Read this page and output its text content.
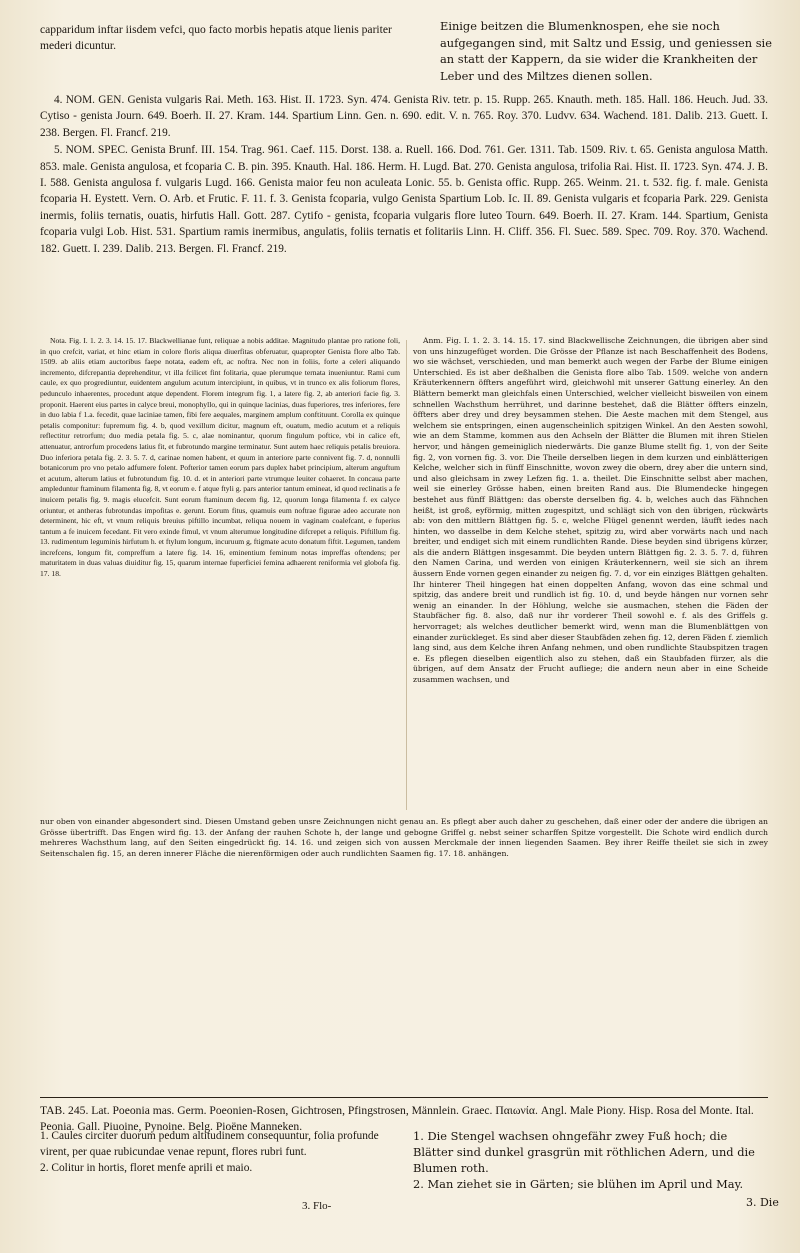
capparidum inftar iisdem vefci, quo facto morbis hepatis atque lienis pariter mederi dicuntur.

Einige beitzen die Blumenknospen, ehe sie noch aufgegangen sind, mit Saltz und Essig, und geniessen sie an statt der Kappern, da sie wider die Krankheiten der Leber und des Miltzes dienen sollen.

4. NOM. GEN. Genista vulgaris Rai. Meth. 163. Hist. II. 1723. Syn. 474. Genista Riv. tetr. p. 15. Rupp. 265. Knauth. meth. 185. Hall. 186. Heuch. Jud. 33. Cytiso - genista Journ. 649. Boerh. II. 27. Kram. 144. Spartium Linn. Gen. n. 690. edit. V. n. 765. Roy. 370. Ludvv. 634. Wachend. 181. Dalib. 213. Guett. I. 238. Bergen. Fl. Francf. 219.

5. NOM. SPEC. Genista Brunf. III. 154. Trag. 961. Caef. 115. Dorst. 138. a. Ruell. 166. Dod. 761. Ger. 1311. Tab. 1509. Riv. t. 65. Genista angulosa Matth. 853. male. Genista angulosa, et fcoparia C. B. pin. 395. Knauth. Hal. 186. Herm. H. Lugd. Bat. 270. Genista angulosa, trifolia Rai. Hist. II. 1723. Syn. 474. J. B. I. 588. Genista angulosa f. vulgaris Lugd. 166. Genista maior feu non aculeata Lonic. 55. b. Genista offic. Rupp. 265. Weinm. 21. t. 532. fig. f. male. Genista fcoparia H. Eystett. Vern. O. Arb. et Frutic. F. 11. f. 3. Genista fcoparia, vulgo Genista Spartium Lob. Ic. II. 89. Genista vulgaris et fcoparia Park. 229. Genista inermis, foliis ternatis, ouatis, hirfutis Hall. Gott. 287. Cytifo - genista, fcoparia vulgaris flore luteo Tourn. 649. Boerh. II. 27. Kram. 144. Spartium, Genista fcoparia vulgi Lob. Hist. 531. Spartium ramis inermibus, angulatis, foliis ternatis et folitariis Linn. H. Cliff. 356. Fl. Suec. 589. Spec. 709. Roy. 370. Wachend. 182. Guett. I. 239. Dalib. 213. Bergen. Fl. Francf. 219.

Nota. Fig. I. 1. 2. 3. 14. 15. 17. Blackwellianae funt, reliquae a nobis additae. Magnitudo plantae pro ratione foli, in quo crefcit, variat, et hinc etiam in colore floris aliqua diuerfitas obferuatur, quapropter Genista flore albo Tab. 1509. ab aliis etiam auctoribus faepe notata, eadem eft, ac noftra. Nec non in foliis, forte a celeri aliquando incremento, difcrepantia deprehenditur, vt illa fcilicet fint folitaria, quae plerumque ternata inueniuntur. Rami cum caule, ex quo progrediuntur, euidentem angulum acutum intercipiunt, in quibus, vt in trunco ex alis foliorum flores, pedunculo inhaerentes, procedunt atque dependent. Florem integrum fig. 1, a latere fig. 2, ab anteriori facie fig. 3. proponit. Haerent eius partes in calyce breui, monophyllo, qui in quinque lacinias, duas fuperiores, tres inferiores, fere in duo labia f 1.a. fecedit, quae laciniae tamen, fibi fere aequales, marginem amplum conftituunt. Corolla ex quinque petalis componitur: fupremum fig. 4. b, quod vexillum dicitur, magnum eft, ouatum, medio acutum et a reliquis reflectitur retrorfum; duo media petala fig. 5. c, alae nominantur, quorum fingulum poftice, vbi in calice eft, attenuatur, antrorfum procedens latius fit, et fubrotundo margine terminatur. Sunt autem haec reliquis petalis breuiora. Duo inferiora petala fig. 2. 3. 5. 7. d, carinae nomen habent, et quum in anteriore parte connivent fig. 7. d, nonnulli botanicorum pro vno petalo adfumere folent. Pofterior tamen eorum pars duplex habet principium, alterum anguftum et acutum, alterum latius et fubrotundum fig. 10. d. et in anteriori parte vtrumque leuiter cohaeret. In concaua parte ampleduntur ftaminum filamenta fig. 8, vt eorum e. f atque ftyli g. pars anterior tantum emineat, id quod reclinatis a fe inuicem petalis fig. 9. magis elucefcit. Sunt eorum ftaminum decem fig. 12, quorum longa filamenta f. ex calyce oriuntur, et antheras fubrotundas impofitas e. gerunt. Eorum fitus, quamuis eum noftrae figurae adeo accurate non determinent, hic eft, vt vnum reliquis breuius piftillo incumbat, reliqua nouem in vaginam coalefcant, e fuperius tantum a fe inuicem fecedant. Fit vero exinde fimul, vt vnum alterumue longitudine difcrepet a reliquis. Piftillum fig. 13. rudimentum leguminis hirfutum h. et ftylum longum, incuruum g, ftigmate acuto donatum fiftit. Legumen, tandem increfcens, longum fit, compreffum a latere fig. 14. 16, eminentium feminum notas impreffas oftendens; per maturitatem in duas valuas diuiditur fig. 15, quarum internae fuperficiei femina adhaerent reniformia vel globofa fig. 17. 18.

Anm. Fig. I. 1. 2. 3. 14. 15. 17. sind Blackwellische Zeichnungen, die übrigen aber sind von uns hinzugefüget worden. Die Grösse der Pflanze ist nach Beschaffenheit des Bodens, wo sie wächset, verschieden, und man bemerkt auch wegen der Farbe der Blume einigen Unterschied. Es ist aber deßhalben die Genista flore albo Tab. 1509. welche von andern Kräuterkennern öffters angeführt wird, gleichwohl mit unserer Gattung einerley. An den Blättern bemerkt man gleichfals einen Unterschied, welcher vielleicht bisweilen von einem schnellen Wachsthum herrühret, und darinne bestehet, daß die Blätter öffters einzeln, öffters aber drey und drey beysammen stehen. Die Aeste machen mit dem Stengel, aus welchem sie entspringen, einen augenscheinlich spitzigen Winkel. An den Aesten sowohl, wie an dem Stamme, kommen aus den Achseln der Blätter die Blumen mit ihren Stielen hervor, und hängen gemeiniglich niederwärts. Die ganze Blume stellt fig. 1, von der Seite fig. 2, von vornen fig. 3. vor. Die Theile derselben liegen in dem kurzen und einblätterigen Kelche, welcher sich in fünff Einschnitte, wovon zwey die obern, drey aber die untern sind, und also gleichsam in zwey Lefzen fig. 1. a. theilet. Die Einschnitte selbst aber machen, weil sie einerley Grösse haben, einen breiten Rand aus. Die Blumendecke hingegen bestehet aus fünff Blättgen: das oberste derselben fig. 4. b, welches auch das Fähnchen heißt, ist groß, eyförmig, mitten zugespitzt, und schlägt sich von den übrigen, rückwärts ab: von den mittlern Blättgen fig. 5. c, welche Flügel genennt werden, läufft iedes nach hinten, wo dasselbe in dem Kelche stehet, spitzig zu, wird aber vorwärts nach und nach breiter, und endiget sich mit einem rundlichten Rande. Diese beyden sind übrigens kürzer, als die andern Blättgen insgesammt. Die beyden untern Blättgen fig. 2. 3. 5. 7. d, führen den Namen Carina, und werden von einigen Kräuterkennern, weil sie sich an ihrem äussern Ende vornen gegen einander zu neigen fig. 7. d, vor ein einziges Blättgen gehalten. Ihr hinterer Theil hingegen hat einen doppelten Anfang, wovon das eine schmal und spitzig, das andere breit und rundlich ist fig. 10. d, und beyde hängen nur vornen sehr wenig an einander. In der Höhlung, welche sie ausmachen, stehen die Fäden der Staubfächer fig. 8. also, daß nur ihr vorderer Theil sowohl e. f. als des Griffels g. hervorraget; als welches deutlicher bemerkt wird, wenn man die Blumenblättgen von einander zurückleget. Es sind aber dieser Staubfäden zehen fig. 12, deren Fäden f. ziemlich lang sind, aus dem Kelche ihren Anfang nehmen, und oben rundlichte Staubspitzen tragen e. Es pflegen dieselben eigentlich also zu stehen, daß ein Staubfaden fürzer, als die übrigen, auf dem Ansatz der Frucht aufliege; die andern neun aber in eine Scheide zusammen wachsen, und

nur oben von einander abgesondert sind. Diesen Umstand geben unsre Zeichnungen nicht genau an. Es pflegt aber auch daher zu geschehen, daß einer oder der andere die übrigen an Grösse übertrifft. Das Engen wird fig. 13. der Anfang der rauhen Schote h, der lange und gebogne Griffel g. nebst seiner scharffen Spitze vorgestellt. Die Schote wird endlich durch mehreres Wachsthum lang, auf den Seiten eingedrückt fig. 14. 16. und zeigen sich von aussen Merckmale der innen liegenden Saamen. Bey ihrer Reiffe theilet sie sich in zwey Seitenschalen fig. 15, an deren innerer Fläche die nierenförmigen oder auch rundlichten Saamen fig. 17. 18. anhängen.

TAB. 245. Lat. Poeonia mas. Germ. Poeonien-Rosen, Gichtrosen, Pfingstrosen, Männlein. Graec. Παιωνία. Angl. Male Piony. Hisp. Rosa del Monte. Ital. Peonia. Gall. Piuoine, Pynoine. Belg. Pioëne Manneken.

1. Caules circiter duorum pedum altitudinem consequuntur, folia profunde virent, per quae rubicundae venae repunt, flores rubri funt.

2. Colitur in hortis, floret menfe aprili et maio.

1. Die Stengel wachsen ohngefähr zwey Fuß hoch; die Blätter sind dunkel grasgrün mit röthlichen Adern, und die Blumen roth.

2. Man ziehet sie in Gärten; sie blühen im April und May.

3. Flo-	3. Die
